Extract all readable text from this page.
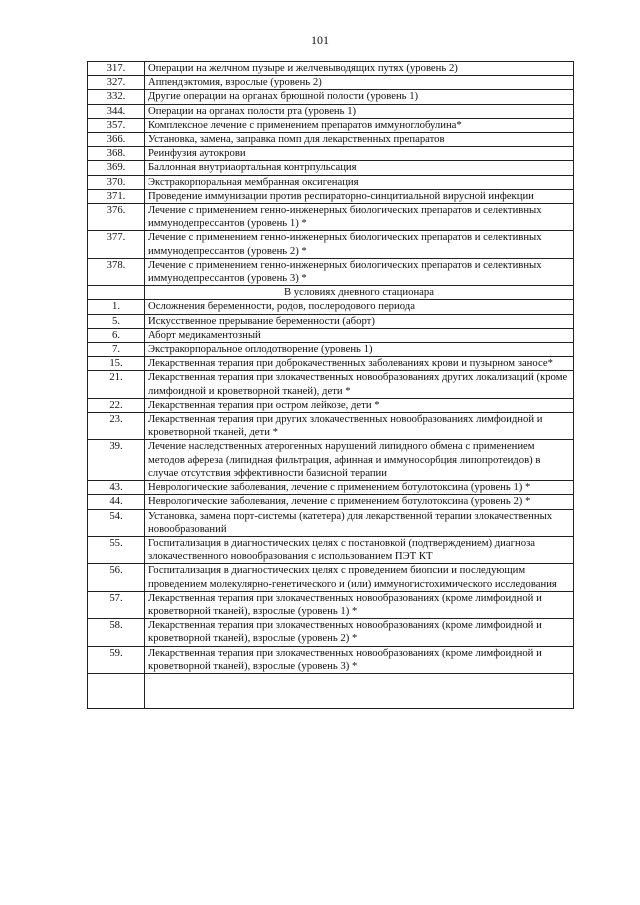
101
317.	Операции на желчном пузыре и желчевыводящих путях (уровень 2)
327.	Аппендэктомия, взрослые (уровень 2)
332.	Другие операции на органах брюшной полости (уровень 1)
344.	Операции на органах полости рта (уровень 1)
357.	Комплексное лечение с применением препаратов иммуноглобулина*
366.	Установка, замена, заправка помп для лекарственных препаратов
368.	Реинфузия аутокрови
369.	Баллонная внутриаортальная контрпульсация
370.	Экстракорпоральная мембранная оксигенация
371.	Проведение иммунизации против респираторно-синцитиальной вирусной инфекции
376.	Лечение с применением генно-инженерных биологических препаратов и селективных иммунодепрессантов (уровень 1) *
377.	Лечение с применением генно-инженерных биологических препаратов и селективных иммунодепрессантов (уровень 2) *
378.	Лечение с применением генно-инженерных биологических препаратов и селективных иммунодепрессантов (уровень 3) *
	В условиях дневного стационара
1.	Осложнения беременности, родов, послеродового периода
5.	Искусственное прерывание беременности (аборт)
6.	Аборт медикаментозный
7.	Экстракорпоральное оплодотворение (уровень 1)
15.	Лекарственная терапия при доброкачественных заболеваниях крови и пузырном заносе*
21.	Лекарственная терапия при злокачественных новообразованиях других локализаций (кроме лимфоидной и кроветворной тканей), дети *
22.	Лекарственная терапия при остром лейкозе, дети *
23.	Лекарственная терапия при других злокачественных новообразованиях лимфоидной и кроветворной тканей, дети *
39.	Лечение наследственных атерогенных нарушений липидного обмена с применением методов афереза (липидная фильтрация, афинная и иммуносорбция липопротеидов) в случае отсутствия эффективности базисной терапии
43.	Неврологические заболевания, лечение с применением ботулотоксина (уровень 1) *
44.	Неврологические заболевания, лечение с применением ботулотоксина (уровень 2) *
54.	Установка, замена порт-системы (катетера) для лекарственной терапии злокачественных новообразований
55.	Госпитализация в диагностических целях с постановкой (подтверждением) диагноза злокачественного новообразования с использованием ПЭТ КТ
56.	Госпитализация в диагностических целях с проведением биопсии и последующим проведением молекулярно-генетического и (или) иммуногистохимического исследования
57.	Лекарственная терапия при злокачественных новообразованиях (кроме лимфоидной и кроветворной тканей), взрослые (уровень 1) *
58.	Лекарственная терапия при злокачественных новообразованиях (кроме лимфоидной и кроветворной тканей), взрослые (уровень 2) *
59.	Лекарственная терапия при злокачественных новообразованиях (кроме лимфоидной и кроветворной тканей), взрослые (уровень 3) *
